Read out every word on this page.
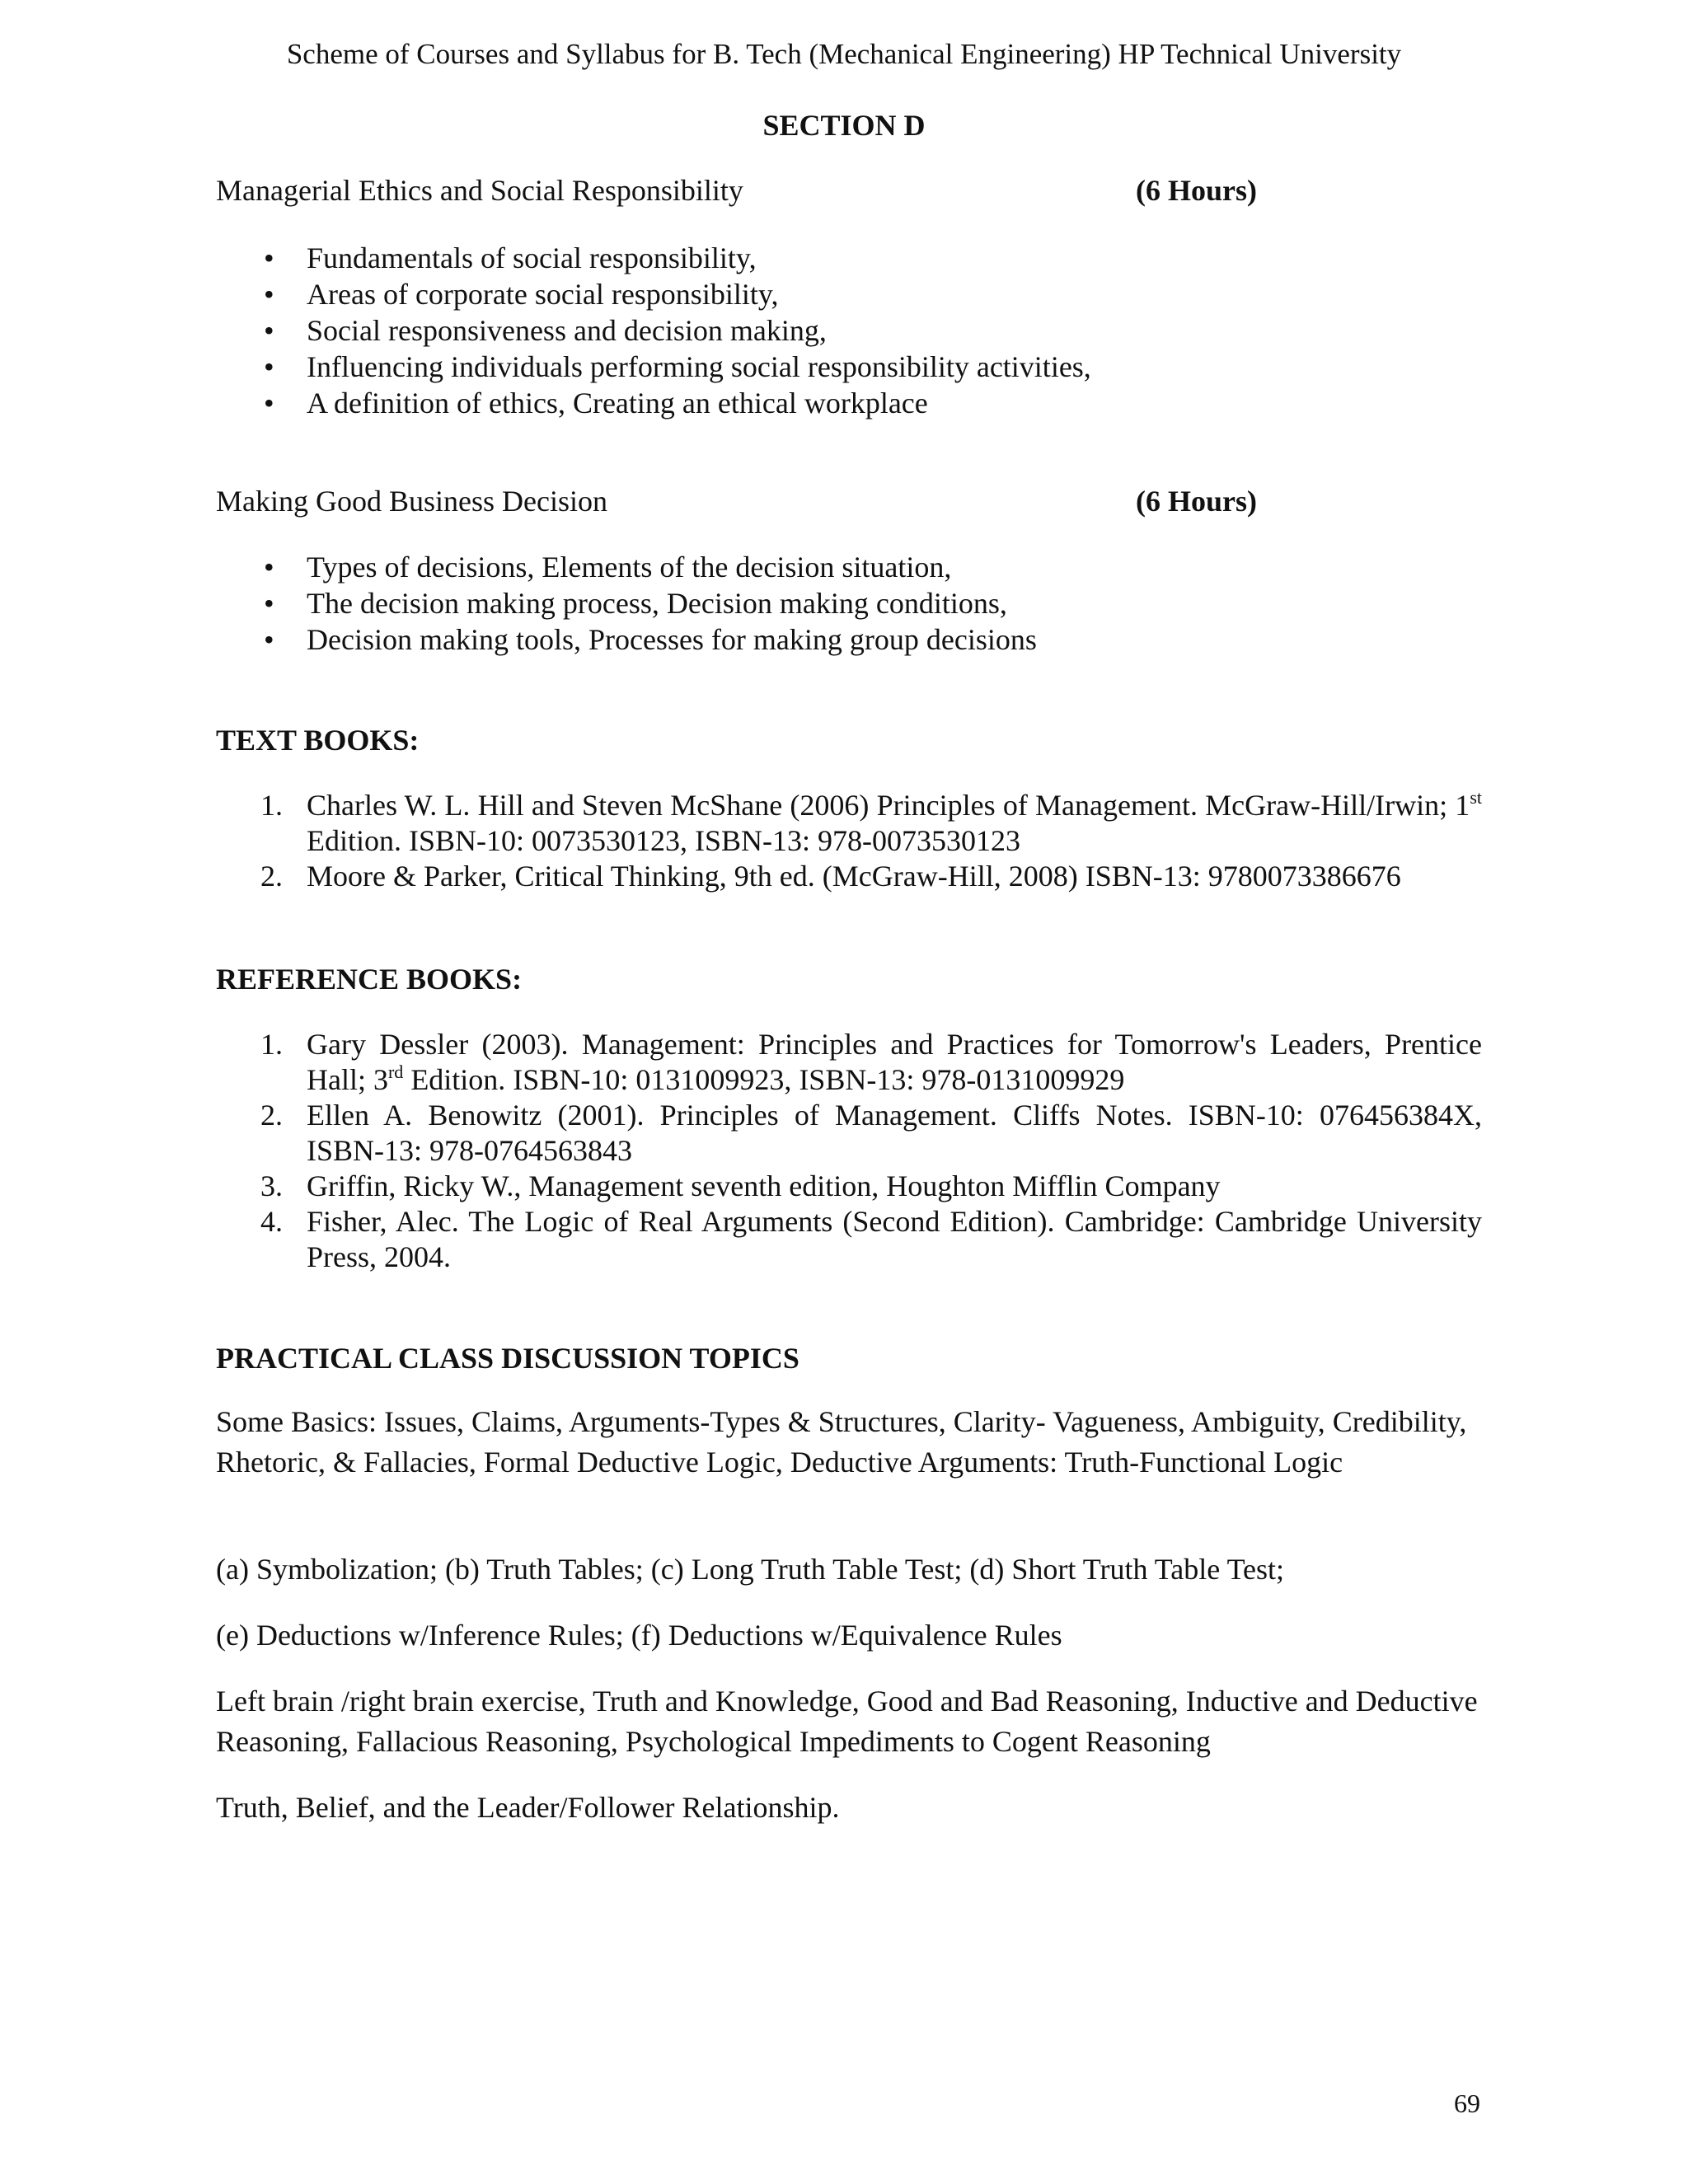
Scheme of Courses and Syllabus for B. Tech (Mechanical Engineering) HP Technical University
SECTION D
Managerial Ethics and Social Responsibility	(6 Hours)
• Fundamentals of social responsibility,
• Areas of corporate social responsibility,
• Social responsiveness and decision making,
• Influencing individuals performing social responsibility activities,
• A definition of ethics, Creating an ethical workplace
Making Good Business Decision	(6 Hours)
• Types of decisions, Elements of the decision situation,
• The decision making process, Decision making conditions,
• Decision making tools, Processes for making group decisions
TEXT BOOKS:
1. Charles W. L. Hill and Steven McShane (2006) Principles of Management. McGraw-Hill/Irwin; 1st Edition. ISBN-10: 0073530123, ISBN-13: 978-0073530123
2. Moore & Parker, Critical Thinking, 9th ed. (McGraw-Hill, 2008) ISBN-13: 9780073386676
REFERENCE BOOKS:
1. Gary Dessler (2003). Management: Principles and Practices for Tomorrow's Leaders, Prentice Hall; 3rd Edition. ISBN-10: 0131009923, ISBN-13: 978-0131009929
2. Ellen A. Benowitz (2001). Principles of Management. Cliffs Notes. ISBN-10: 076456384X, ISBN-13: 978-0764563843
3. Griffin, Ricky W., Management seventh edition, Houghton Mifflin Company
4. Fisher, Alec. The Logic of Real Arguments (Second Edition). Cambridge: Cambridge University Press, 2004.
PRACTICAL CLASS DISCUSSION TOPICS

Some Basics: Issues, Claims, Arguments-Types & Structures, Clarity- Vagueness, Ambiguity, Credibility, Rhetoric, & Fallacies, Formal Deductive Logic, Deductive Arguments: Truth-Functional Logic

(a) Symbolization; (b) Truth Tables; (c) Long Truth Table Test; (d) Short Truth Table Test;

(e) Deductions w/Inference Rules; (f) Deductions w/Equivalence Rules

Left brain /right brain exercise, Truth and Knowledge, Good and Bad Reasoning, Inductive and Deductive Reasoning, Fallacious Reasoning, Psychological Impediments to Cogent Reasoning

Truth, Belief, and the Leader/Follower Relationship.

69
